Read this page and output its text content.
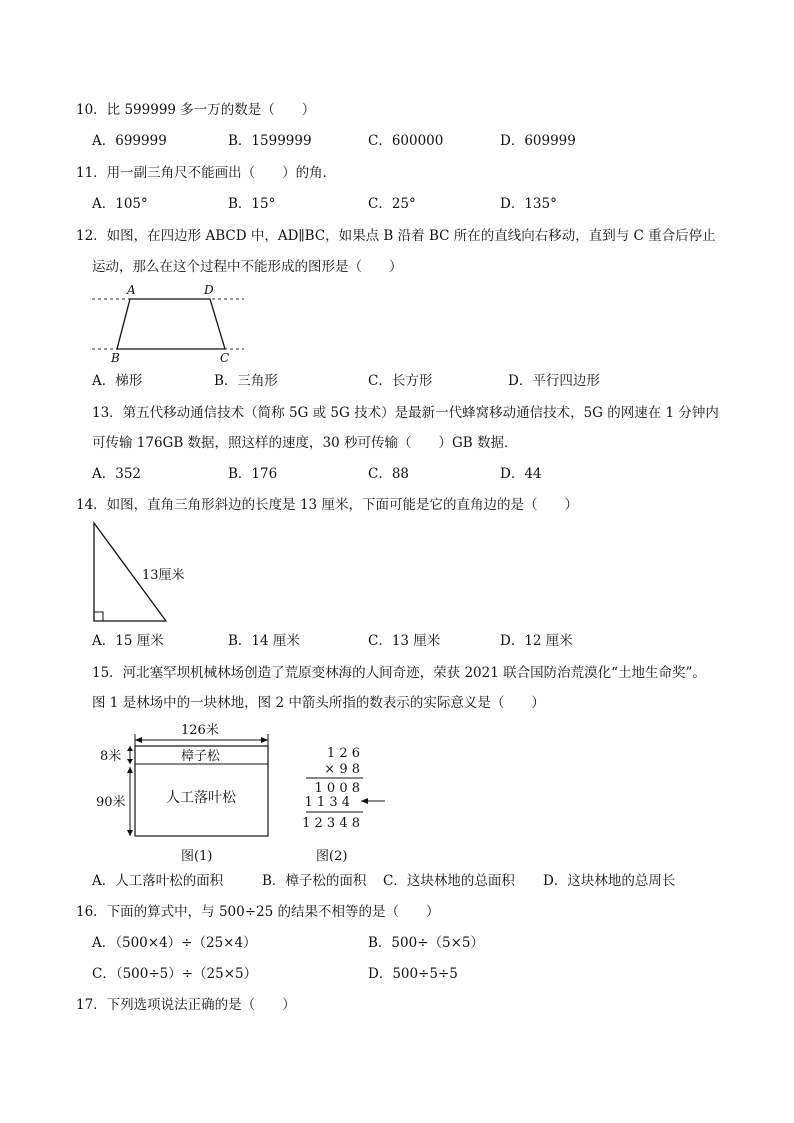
10．比 599999 多一万的数是（　　）
A．699999	B．1599999	C．600000	D．609999
11．用一副三角尺不能画出（　　）的角．
A．105°	B．15°	C．25°	D．135°
12．如图，在四边形 ABCD 中，AD∥BC，如果点 B 沿着 BC 所在的直线向右移动，直到与 C 重合后停止
运动，那么在这个过程中不能形成的图形是（　　）
A	D
B	C
A．梯形	B．三角形	C．长方形	D．平行四边形
13．第五代移动通信技术（简称 5G 或 5G 技术）是最新一代蜂窝移动通信技术，5G 的网速在 1 分钟内
可传输 176GB 数据，照这样的速度，30 秒可传输（　　）GB 数据．
A．352	B．176	C．88	D．44
14．如图，直角三角形斜边的长度是 13 厘米，下面可能是它的直角边的是（　　）
13厘米
A．15 厘米	B．14 厘米	C．13 厘米	D．12 厘米
15．河北塞罕坝机械林场创造了荒原变林海的人间奇迹，荣获 2021 联合国防治荒漠化“土地生命奖”。
图 1 是林场中的一块林地，图 2 中箭头所指的数表示的实际意义是（　　）
126米
樟子松
人工落叶松
8米
90米
图(1)
1 2 6
× 9 8
1 0 0 8
1 1 3 4
1 2 3 4 8
图(2)
A．人工落叶松的面积	B．樟子松的面积 C．这块林地的总面积 D．这块林地的总周长
16．下面的算式中，与 500÷25 的结果不相等的是（　　）
A．（500×4）÷（25×4）	B．500÷（5×5）
C．（500÷5）÷（25×5）	D．500÷5÷5
17．下列选项说法正确的是（　　）
